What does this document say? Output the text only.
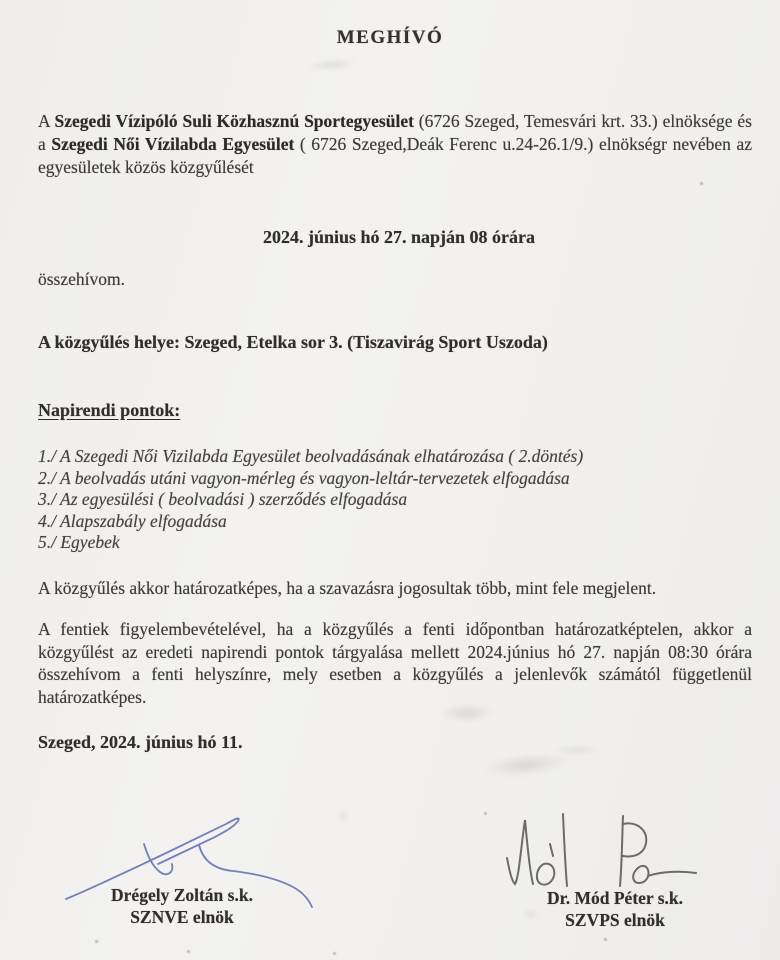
MEGHÍVÓ

A Szegedi Vízipóló Suli Közhasznú Sportegyesület (6726 Szeged, Temesvári krt. 33.) elnöksége és a Szegedi Női Vízilabda Egyesület ( 6726 Szeged,Deák Ferenc u.24-26.1/9.) elnökségr nevében az egyesületek közös közgyűlését

2024. június hó 27. napján 08 órára
összehívom.
A közgyűlés helye: Szeged, Etelka sor 3. (Tiszavirág Sport Uszoda)
Napirendi pontok:
1./ A Szegedi Női Vizilabda Egyesület beolvadásának elhatározása ( 2.döntés)
2./ A beolvadás utáni vagyon-mérleg és vagyon-leltár-tervezetek elfogadása
3./ Az egyesülési ( beolvadási ) szerződés elfogadása
4./ Alapszabály elfogadása
5./ Egyebek

A közgyűlés akkor határozatképes, ha a szavazásra jogosultak több, mint fele megjelent.

A fentiek figyelembevételével, ha a közgyűlés a fenti időpontban határozatképtelen, akkor a közgyűlést az eredeti napirendi pontok tárgyalása mellett 2024.június hó 27. napján 08:30 órára összehívom a fenti helyszínre, mely esetben a közgyűlés a jelenlevők számától függetlenül határozatképes.

Szeged, 2024. június hó 11.
Drégely Zoltán s.k.
SZNVE elnök
Dr. Mód Péter s.k.
SZVPS elnök
